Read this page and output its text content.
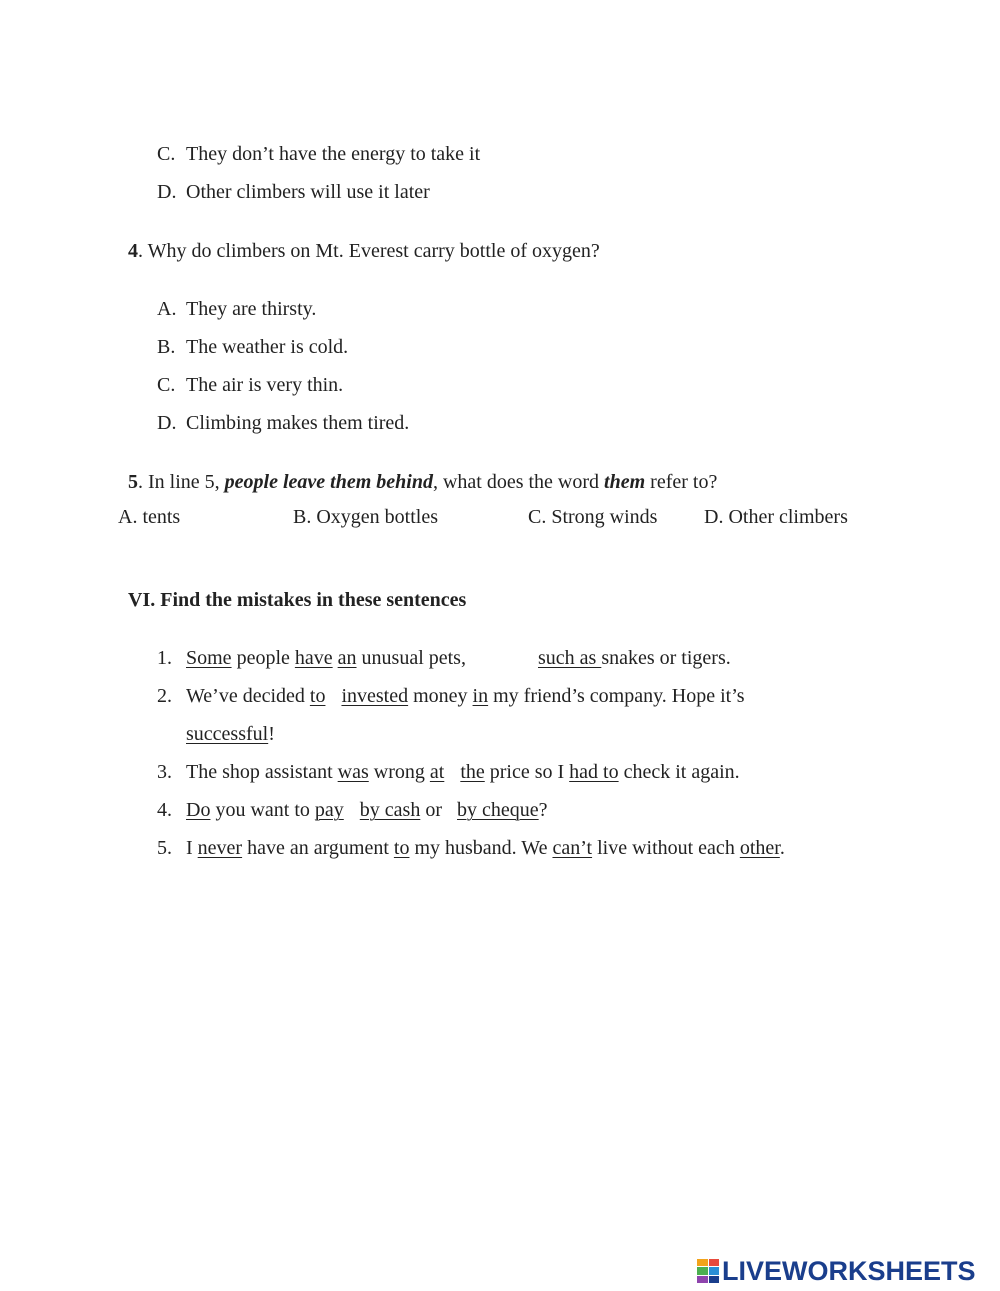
C. They don’t have the energy to take it

D. Other climbers will use it later

4. Why do climbers on Mt. Everest carry bottle of oxygen?

A. They are thirsty.

B. The weather is cold.

C. The air is very thin.

D. Climbing makes them tired.

5. In line 5, people leave them behind, what does the word them refer to?

A. tents	B. Oxygen bottles	C. Strong winds D. Other climbers

VI. Find the mistakes in these sentences

1. Some people have an unusual pets,	such as snakes or tigers.

2. We’ve decided to invested money in my friend’s company. Hope it’s

successful!

3. The shop assistant was wrong at the price so I had to check it again.

4. Do you want to pay by cash or by cheque?

5. I never have an argument to my husband. We can’t live without each other.

LIVEWORKSHEETS
